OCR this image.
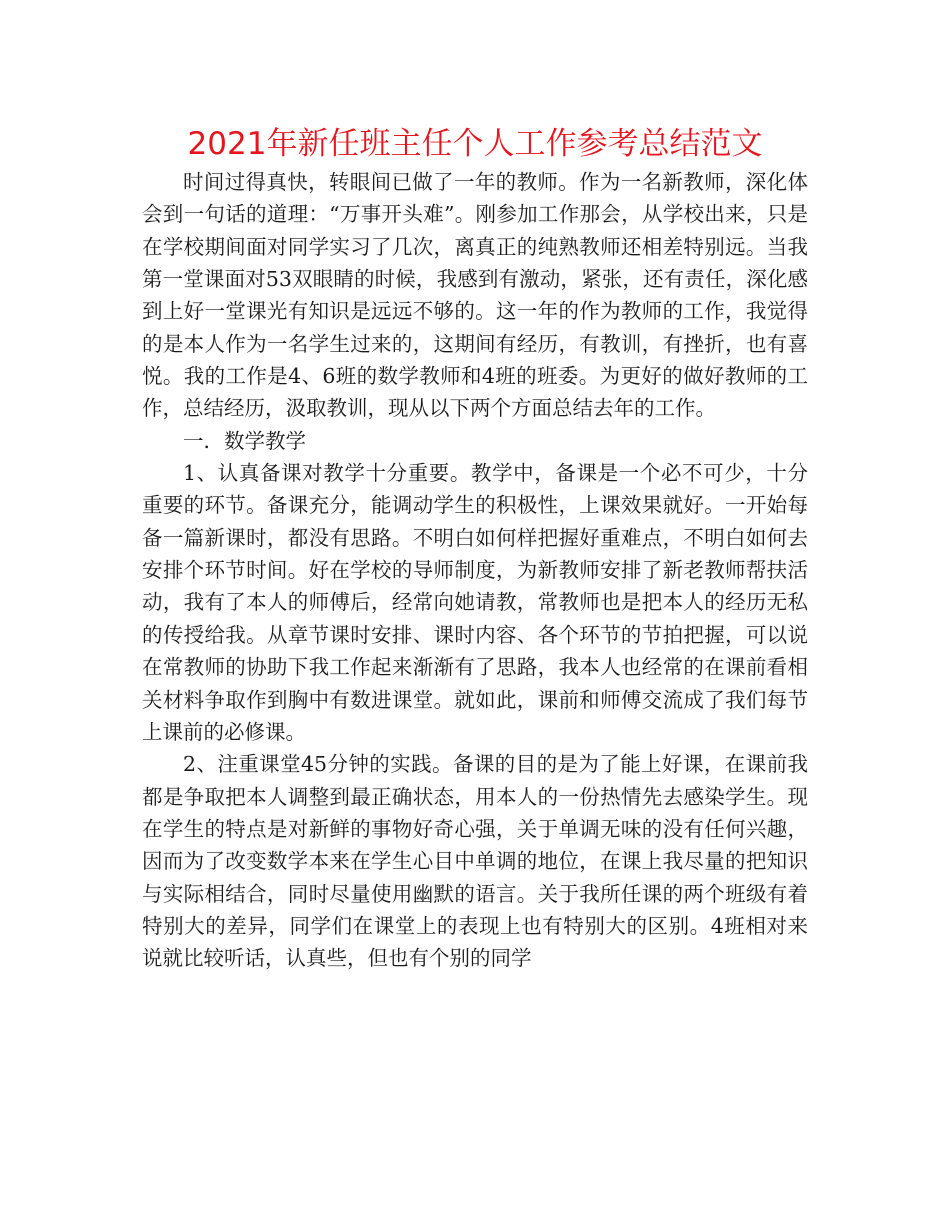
2021年新任班主任个人工作参考总结范文

时间过得真快，转眼间已做了一年的教师。作为一名新教师，深化体会到一句话的道理：“万事开头难”。刚参加工作那会，从学校出来，只是在学校期间面对同学实习了几次，离真正的纯熟教师还相差特别远。当我第一堂课面对53双眼睛的时候，我感到有激动，紧张，还有责任，深化感到上好一堂课光有知识是远远不够的。这一年的作为教师的工作，我觉得的是本人作为一名学生过来的，这期间有经历，有教训，有挫折，也有喜悦。我的工作是4、6班的数学教师和4班的班委。为更好的做好教师的工作，总结经历，汲取教训，现从以下两个方面总结去年的工作。

一．数学教学

1、认真备课对教学十分重要。教学中，备课是一个必不可少，十分重要的环节。备课充分，能调动学生的积极性，上课效果就好。一开始每备一篇新课时，都没有思路。不明白如何样把握好重难点，不明白如何去安排个环节时间。好在学校的导师制度，为新教师安排了新老教师帮扶活动，我有了本人的师傅后，经常向她请教，常教师也是把本人的经历无私的传授给我。从章节课时安排、课时内容、各个环节的节拍把握，可以说在常教师的协助下我工作起来渐渐有了思路，我本人也经常的在课前看相关材料争取作到胸中有数进课堂。就如此，课前和师傅交流成了我们每节上课前的必修课。

2、注重课堂45分钟的实践。备课的目的是为了能上好课，在课前我都是争取把本人调整到最正确状态，用本人的一份热情先去感染学生。现在学生的特点是对新鲜的事物好奇心强，关于单调无味的没有任何兴趣，因而为了改变数学本来在学生心目中单调的地位，在课上我尽量的把知识与实际相结合，同时尽量使用幽默的语言。关于我所任课的两个班级有着特别大的差异，同学们在课堂上的表现上也有特别大的区别。4班相对来说就比较听话，认真些，但也有个别的同学
